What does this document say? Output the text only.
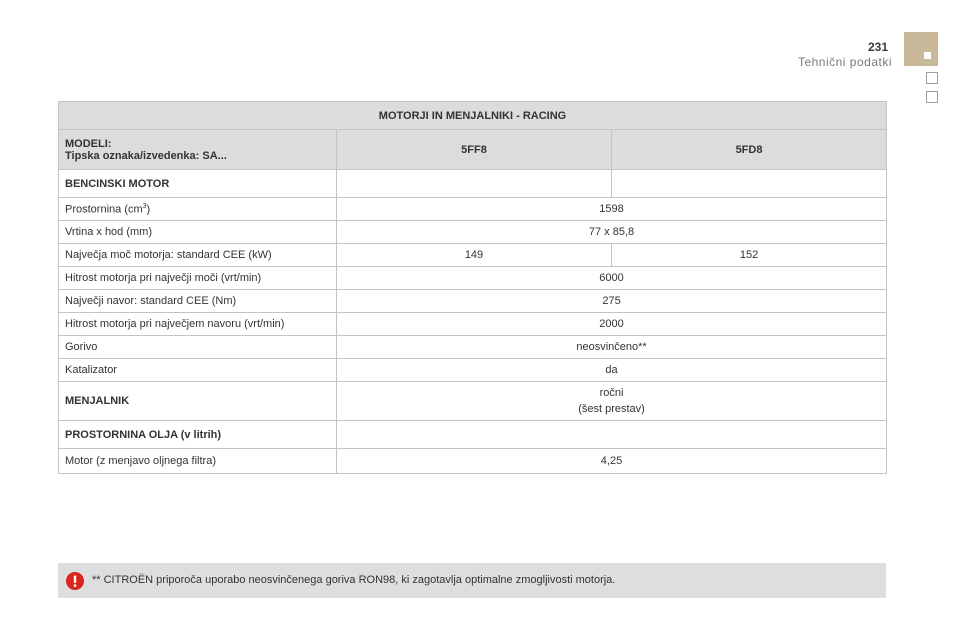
231
Tehnični podatki
MOTORJI IN MENJALNIKI - RACING		

MODELI:
Tipska oznaka/izvedenka: SA...	5FF8	5FD8
BENCINSKI MOTOR		
Prostornina $(cm^3)$	1598	
Vrtina x hod (mm)	77 x 85,8	
Največja moč motorja: standard CEE (kW)	149	152
Hitrost motorja pri največji moči (vrt/min)	6000	
Največji navor: standard CEE (Nm)	275	
Hitrost motorja pri največjem navoru (vrt/min)	2000	
Gorivo	neosvinčeno**	
Katalizator	da	
MENJALNIK	ročni
(šest prestav)	

PROSTORNINA OLJA (v litrih)		
Motor (z menjavo oljnega filtra)	4,25	
** CITROËN priporoča uporabo neosvinčenega goriva RON98, ki zagotavlja optimalne zmogljivosti motorja.
